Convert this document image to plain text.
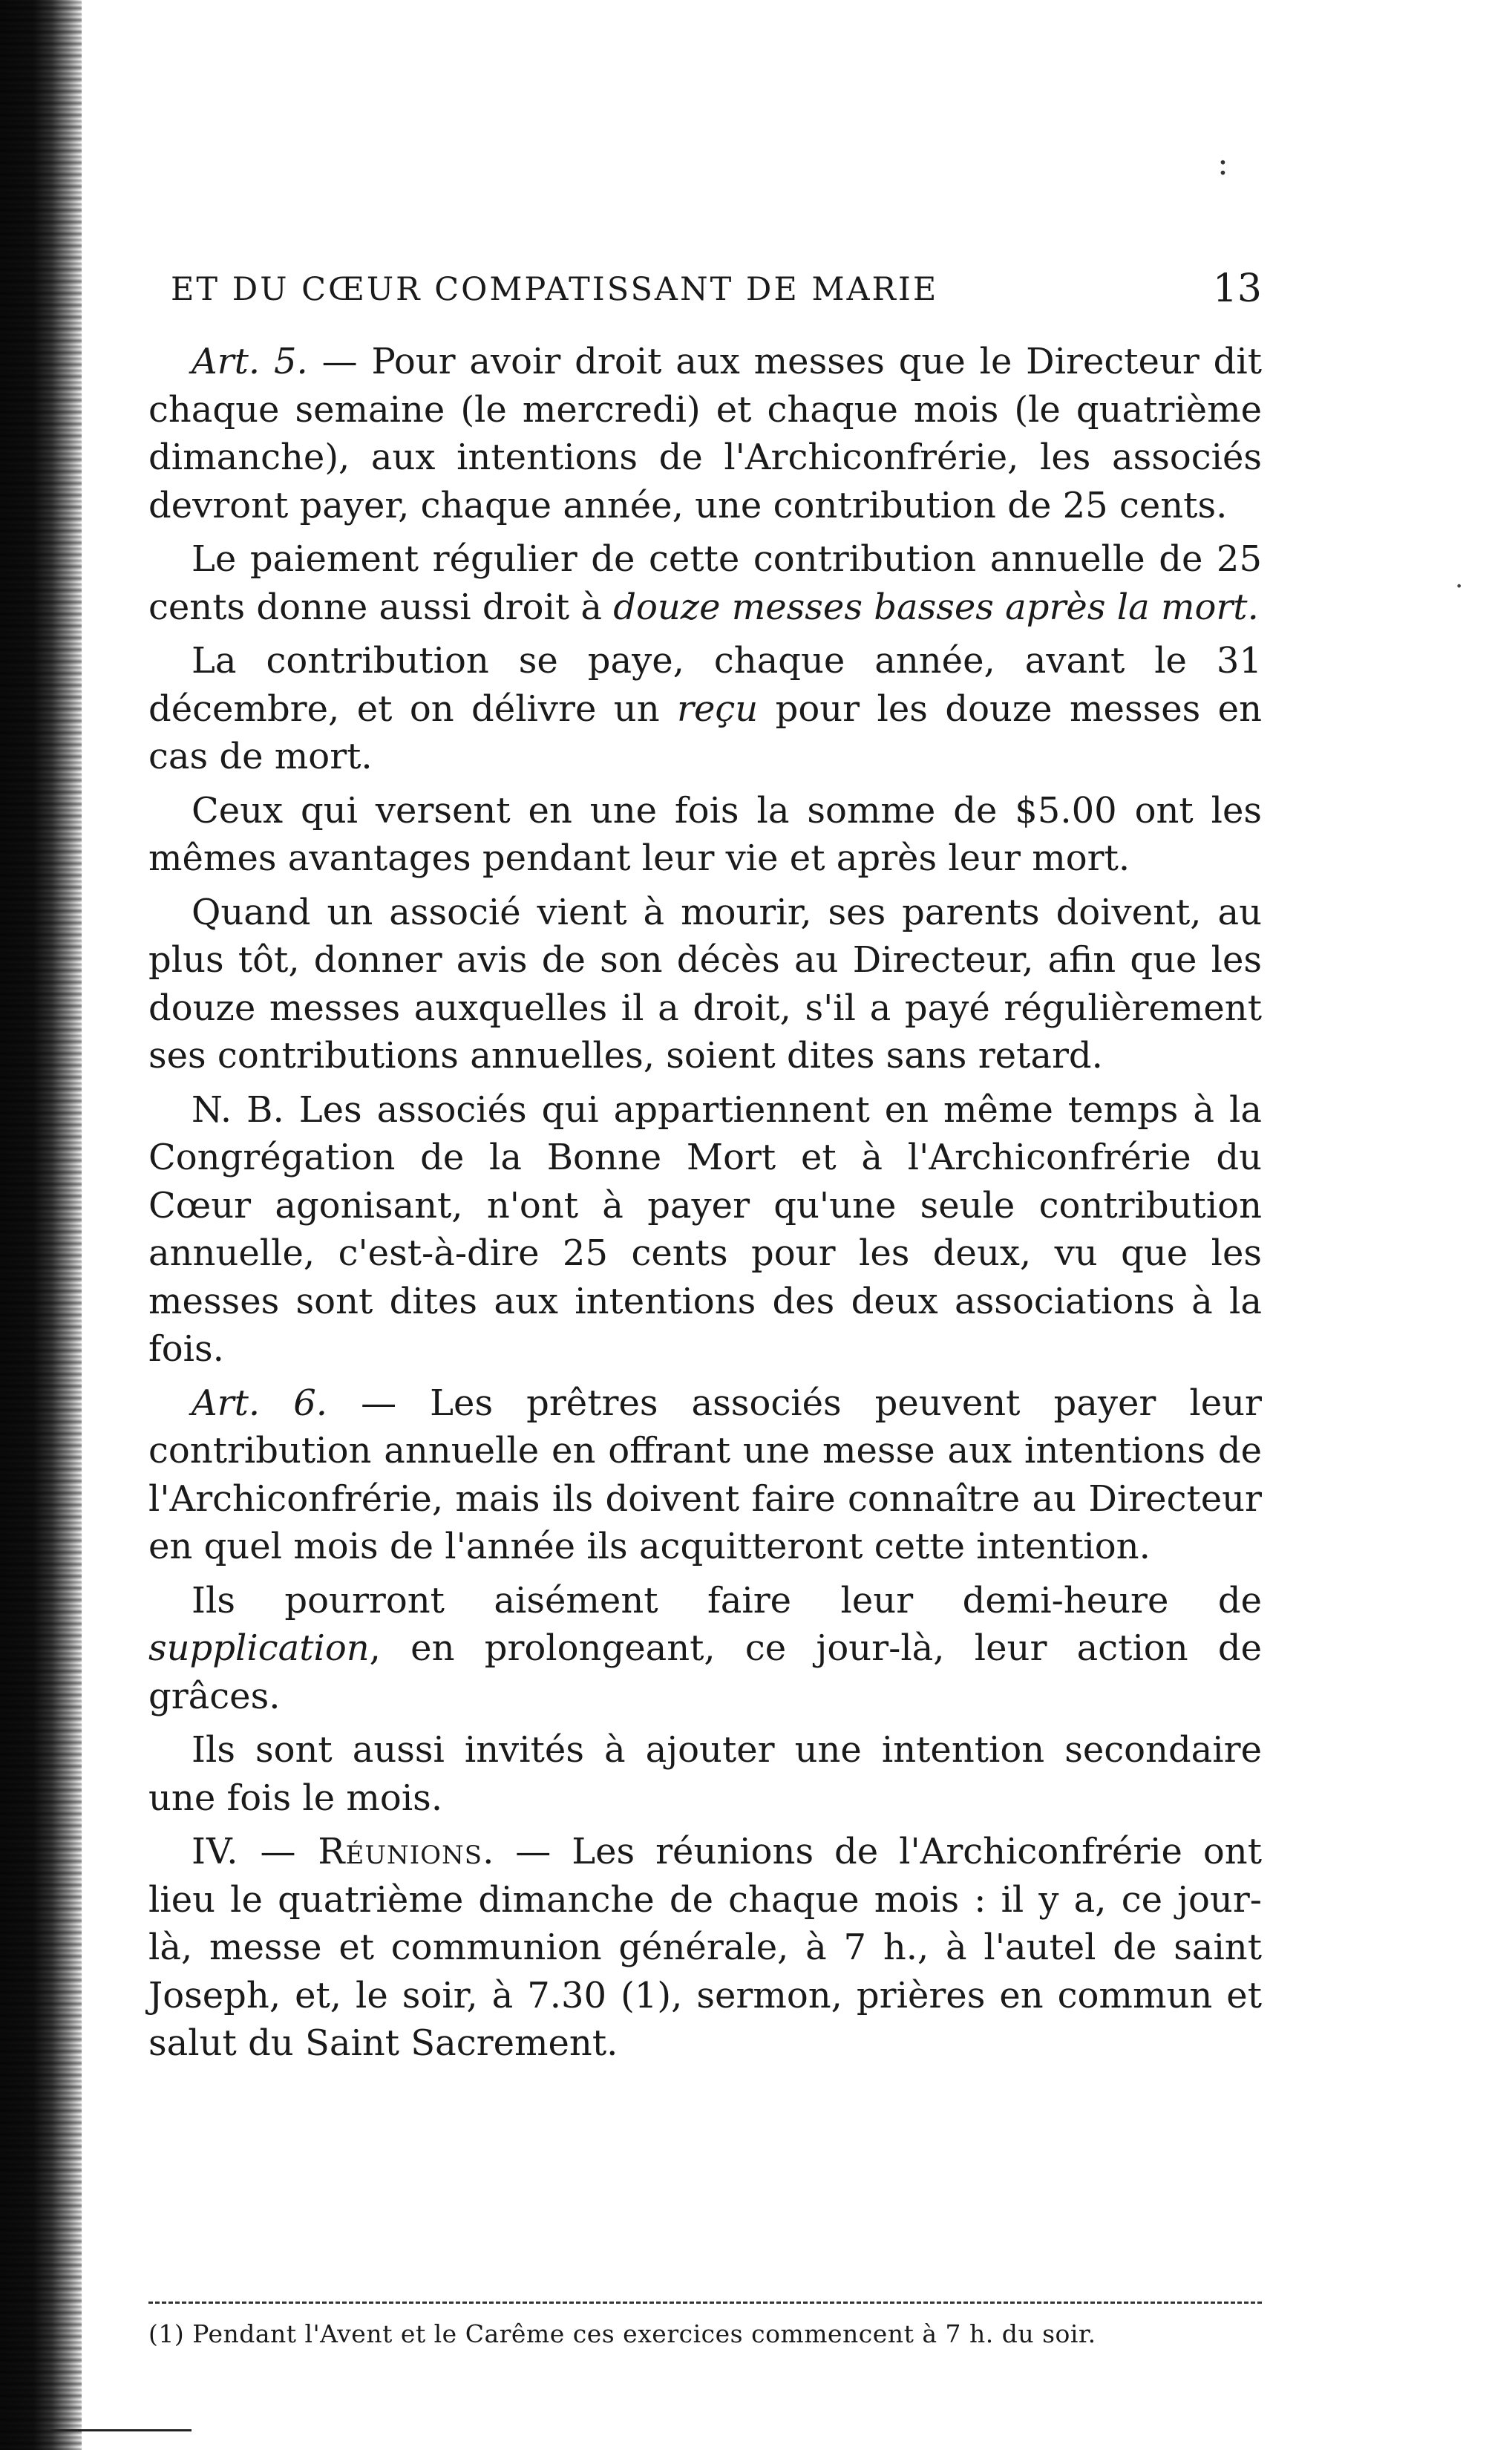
:
·
ET DU CŒUR COMPATISSANT DE MARIE	13

Art. 5. — Pour avoir droit aux messes que le Directeur dit chaque semaine (le mercredi) et chaque mois (le quatrième dimanche), aux intentions de l'Archiconfrérie, les associés devront payer, chaque année, une contribution de 25 cents.

Le paiement régulier de cette contribution annuelle de 25 cents donne aussi droit à douze messes basses après la mort.

La contribution se paye, chaque année, avant le 31 décembre, et on délivre un reçu pour les douze messes en cas de mort.

Ceux qui versent en une fois la somme de $5.00 ont les mêmes avantages pendant leur vie et après leur mort.

Quand un associé vient à mourir, ses parents doivent, au plus tôt, donner avis de son décès au Directeur, afin que les douze messes auxquelles il a droit, s'il a payé régulièrement ses contributions annuelles, soient dites sans retard.

N. B. Les associés qui appartiennent en même temps à la Congrégation de la Bonne Mort et à l'Archiconfrérie du Cœur agonisant, n'ont à payer qu'une seule contribution annuelle, c'est-à-dire 25 cents pour les deux, vu que les messes sont dites aux intentions des deux associations à la fois.

Art. 6. — Les prêtres associés peuvent payer leur contribution annuelle en offrant une messe aux intentions de l'Archiconfrérie, mais ils doivent faire connaître au Directeur en quel mois de l'année ils acquitteront cette intention.

Ils pourront aisément faire leur demi-heure de supplication, en prolongeant, ce jour-là, leur action de grâces.

Ils sont aussi invités à ajouter une intention secondaire une fois le mois.

IV. — Réunions. — Les réunions de l'Archiconfrérie ont lieu le quatrième dimanche de chaque mois : il y a, ce jour-là, messe et communion générale, à 7 h., à l'autel de saint Joseph, et, le soir, à 7.30 (1), sermon, prières en commun et salut du Saint Sacrement.

(1) Pendant l'Avent et le Carême ces exercices commencent à 7 h. du soir.
